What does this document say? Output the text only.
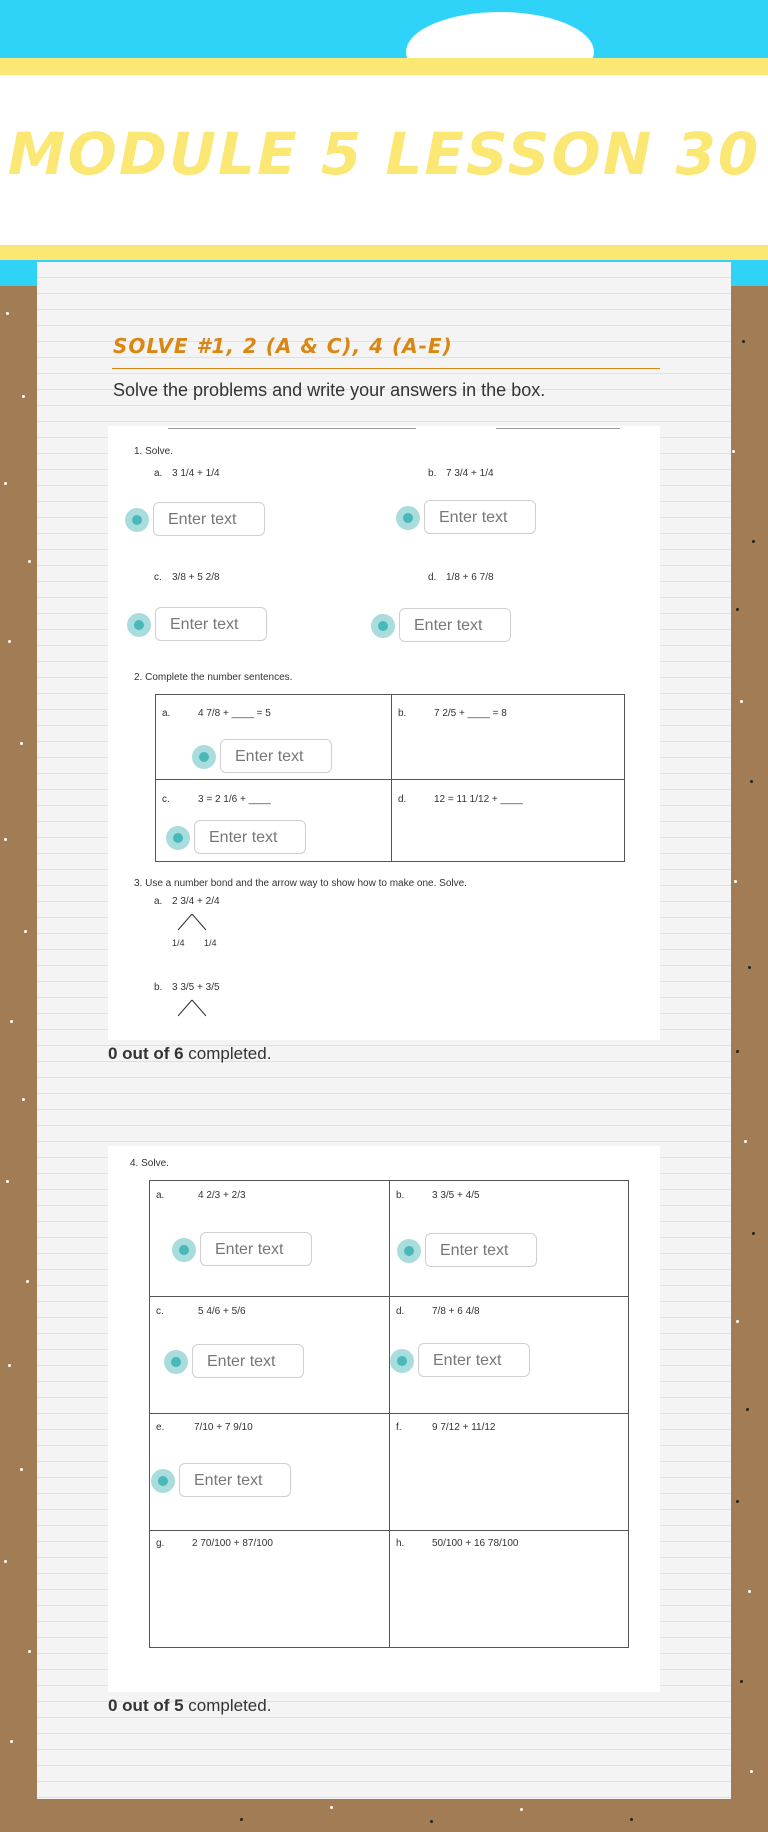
MODULE 5 LESSON 30
SOLVE #1, 2 (A & C), 4 (A-E)
Solve the problems and write your answers in the box.
1. Solve.
a. 3 1/4 + 1/4	b. 7 3/4 + 1/4
c. 3/8 + 5 2/8	d. 1/8 + 6 7/8
2. Complete the number sentences.
a.	4 7/8 + ____ = 5	b.	7 2/5 + ____ = 8
c.	3 = 2 1/6 + ____	d.	12 = 11 1/12 + ____
3. Use a number bond and the arrow way to show how to make one. Solve.
a. 2 3/4 + 2/4
1/4 1/4
b. 3 3/5 + 3/5
Enter text	Enter text
Enter text	Enter text
Enter text
Enter text
0 out of 6 completed.
4. Solve.
a.	4 2/3 + 2/3	b.	3 3/5 + 4/5
c.	5 4/6 + 5/6	d.	7/8 + 6 4/8
e.	7/10 + 7 9/10	f.	9 7/12 + 11/12
g.	2 70/100 + 87/100	h.	50/100 + 16 78/100
Enter text	Enter text
Enter text	Enter text
Enter text
0 out of 5 completed.
